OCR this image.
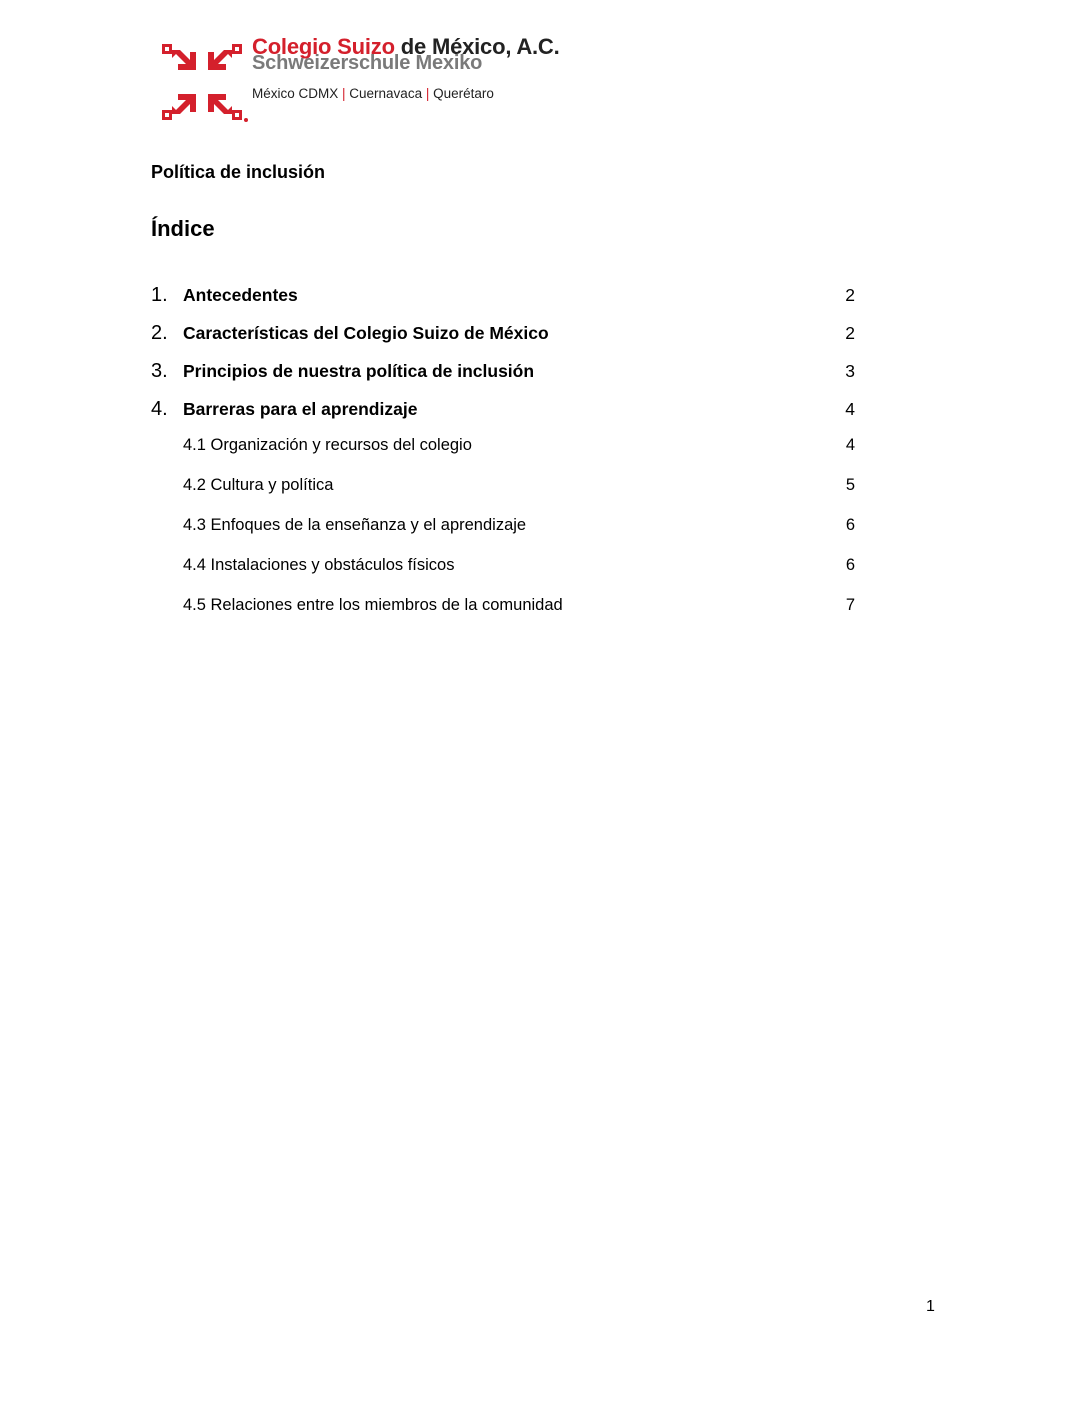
Colegio Suizo de México, A.C.
Schweizerschule Mexiko
México CDMX | Cuernavaca | Querétaro
Política de inclusión
Índice
1. Antecedentes	2
2. Características del Colegio Suizo de México	2
3. Principios de nuestra política de inclusión	3
4. Barreras para el aprendizaje	4
4.1 Organización y recursos del colegio	4
4.2 Cultura y política	5
4.3 Enfoques de la enseñanza y el aprendizaje	6
4.4 Instalaciones y obstáculos físicos	6
4.5 Relaciones entre los miembros de la comunidad	7
1
